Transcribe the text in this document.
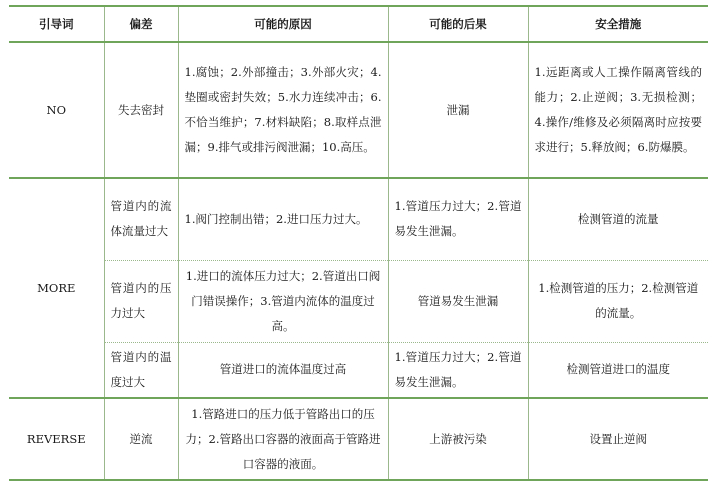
引导词	偏差	可能的原因	可能的后果	安全措施
NO	失去密封	1.腐蚀；2.外部撞击；3.外部火灾；4.垫圈或密封失效；5.水力连续冲击；6.不恰当维护；7.材料缺陷；8.取样点泄漏；9.排气或排污阀泄漏；10.高压。	泄漏	1.远距离或人工操作隔离管线的能力；2.止逆阀；3.无损检测；4.操作/维修及必须隔离时应按要求进行；5.释放阀；6.防爆膜。
MORE	管道内的流体流量过大	1.阀门控制出错；2.进口压力过大。	1.管道压力过大；2.管道易发生泄漏。	检测管道的流量
	管道内的压力过大	1.进口的流体压力过大；2.管道出口阀门错误操作；3.管道内流体的温度过高。	管道易发生泄漏	1.检测管道的压力；2.检测管道的流量。
	管道内的温度过大	管道进口的流体温度过高	1.管道压力过大；2.管道易发生泄漏。	检测管道进口的温度
REVERSE	逆流	1.管路进口的压力低于管路出口的压力；2.管路出口容器的液面高于管路进口容器的液面。	上游被污染	设置止逆阀
